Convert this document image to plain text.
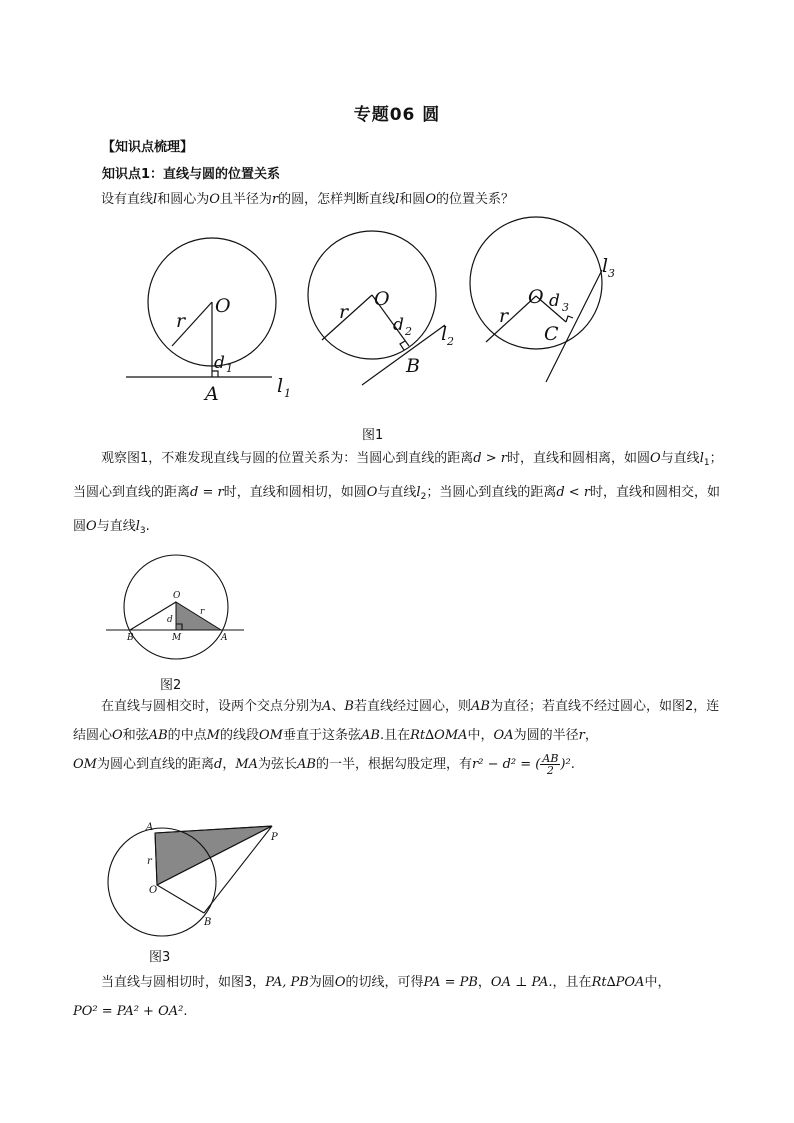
专题06 圆
【知识点梳理】
知识点1：直线与圆的位置关系
设有直线l和圆心为O且半径为r的圆，怎样判断直线l和圆O的位置关系？
r
O
d 1
A	l 1
r
O
d 2
B
l 2
r
O d 3
C
l 3
图1
观察图1，不难发现直线与圆的位置关系为：当圆心到直线的距离d > r时，直线和圆相离，如圆O与直线$l_1$；当圆心到直线的距离d = r时，直线和圆相切，如圆O与直线$l_2$；当圆心到直线的距离d < r时，直线和圆相交，如圆O与直线$l_3$.
O
d
r
B	M	A
图2
在直线与圆相交时，设两个交点分别为A、B若直线经过圆心，则AB为直径；若直线不经过圆心，如图2，连结圆心O和弦AB的中点M的线段OM垂直于这条弦AB.且在Rt∆OMA中，OA为圆的半径r，
OM为圆心到直线的距离d，MA为弦长AB的一半，根据勾股定理，有r² − d² = ( $\frac{AB}{2})^2$.
A
P
r
O
B
图3
当直线与圆相切时，如图3，PA, PB为圆O的切线，可得PA = PB，OA ⊥ PA.，且在Rt∆POA中，
PO² = PA² + OA².
